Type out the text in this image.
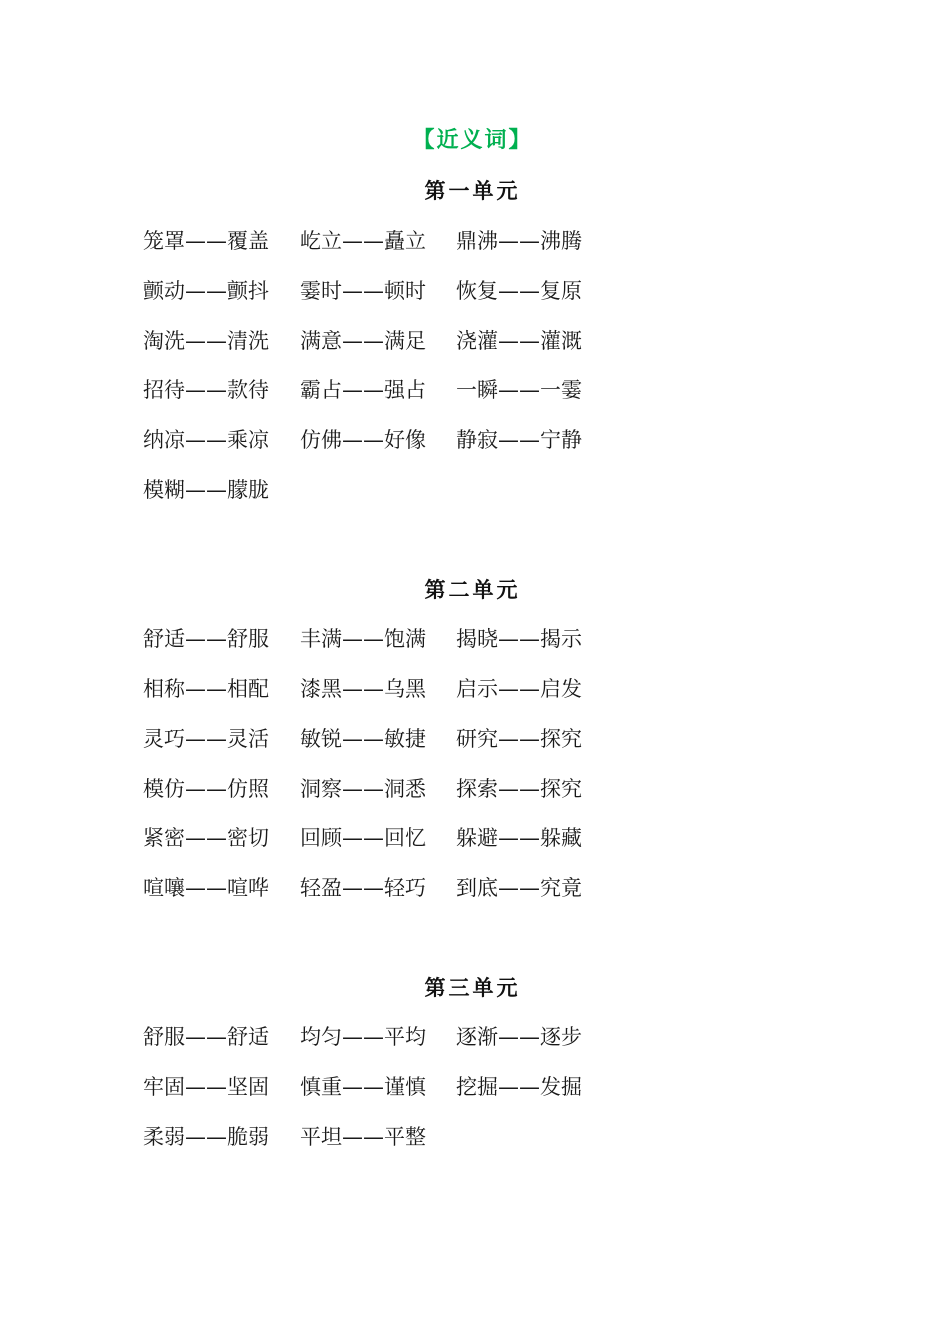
【近义词】
第一单元
笼罩——覆盖 屹立——矗立 鼎沸——沸腾
颤动——颤抖 霎时——顿时 恢复——复原
淘洗——清洗 满意——满足 浇灌——灌溉
招待——款待 霸占——强占 一瞬——一霎
纳凉——乘凉 仿佛——好像 静寂——宁静
模糊——朦胧
第二单元
舒适——舒服 丰满——饱满 揭晓——揭示
相称——相配 漆黑——乌黑 启示——启发
灵巧——灵活 敏锐——敏捷 研究——探究
模仿——仿照 洞察——洞悉 探索——探究
紧密——密切 回顾——回忆 躲避——躲藏
喧嚷——喧哗 轻盈——轻巧 到底——究竟
第三单元
舒服——舒适 均匀——平均 逐渐——逐步
牢固——坚固 慎重——谨慎 挖掘——发掘
柔弱——脆弱 平坦——平整
